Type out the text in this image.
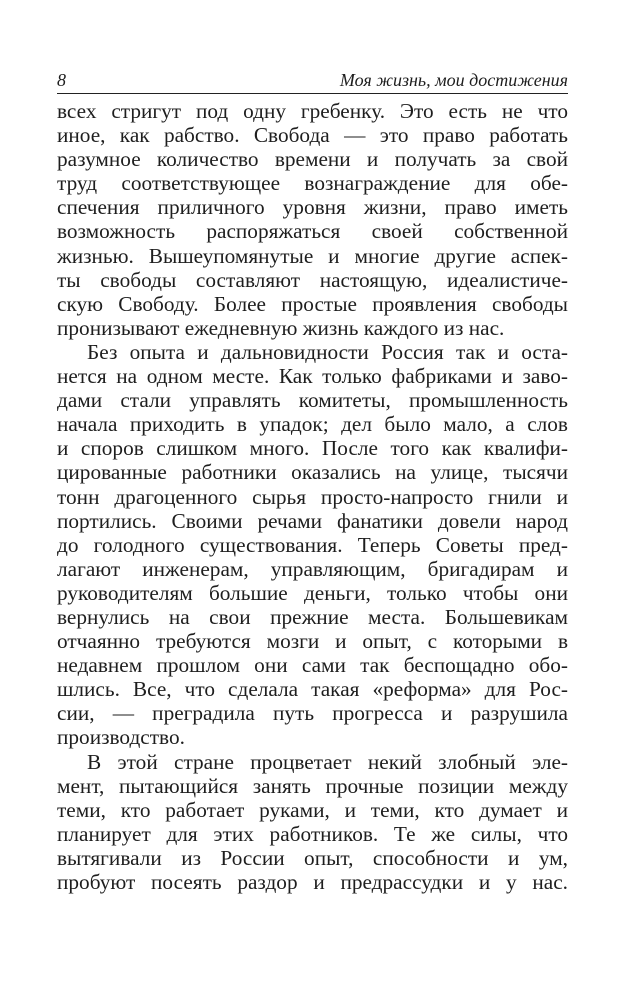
8	Моя жизнь, мои достижения
всех стригут под одну гребенку. Это есть не что
иное, как рабство. Свобода — это право работать
разумное количество времени и получать за свой
труд соответствующее вознаграждение для обе-
спечения приличного уровня жизни, право иметь
возможность распоряжаться своей собственной
жизнью. Вышеупомянутые и многие другие аспек-
ты свободы составляют настоящую, идеалистиче-
скую Свободу. Более простые проявления свободы
пронизывают ежедневную жизнь каждого из нас.
Без опыта и дальновидности Россия так и оста-
нется на одном месте. Как только фабриками и заво-
дами стали управлять комитеты, промышленность
начала приходить в упадок; дел было мало, а слов
и споров слишком много. После того как квалифи-
цированные работники оказались на улице, тысячи
тонн драгоценного сырья просто-напросто гнили и
портились. Своими речами фанатики довели народ
до голодного существования. Теперь Советы пред-
лагают инженерам, управляющим, бригадирам и
руководителям большие деньги, только чтобы они
вернулись на свои прежние места. Большевикам
отчаянно требуются мозги и опыт, с которыми в
недавнем прошлом они сами так беспощадно обо-
шлись. Все, что сделала такая «реформа» для Рос-
сии, — преградила путь прогресса и разрушила
производство.
В этой стране процветает некий злобный эле-
мент, пытающийся занять прочные позиции между
теми, кто работает руками, и теми, кто думает и
планирует для этих работников. Те же силы, что
вытягивали из России опыт, способности и ум,
пробуют посеять раздор и предрассудки и у нас.
